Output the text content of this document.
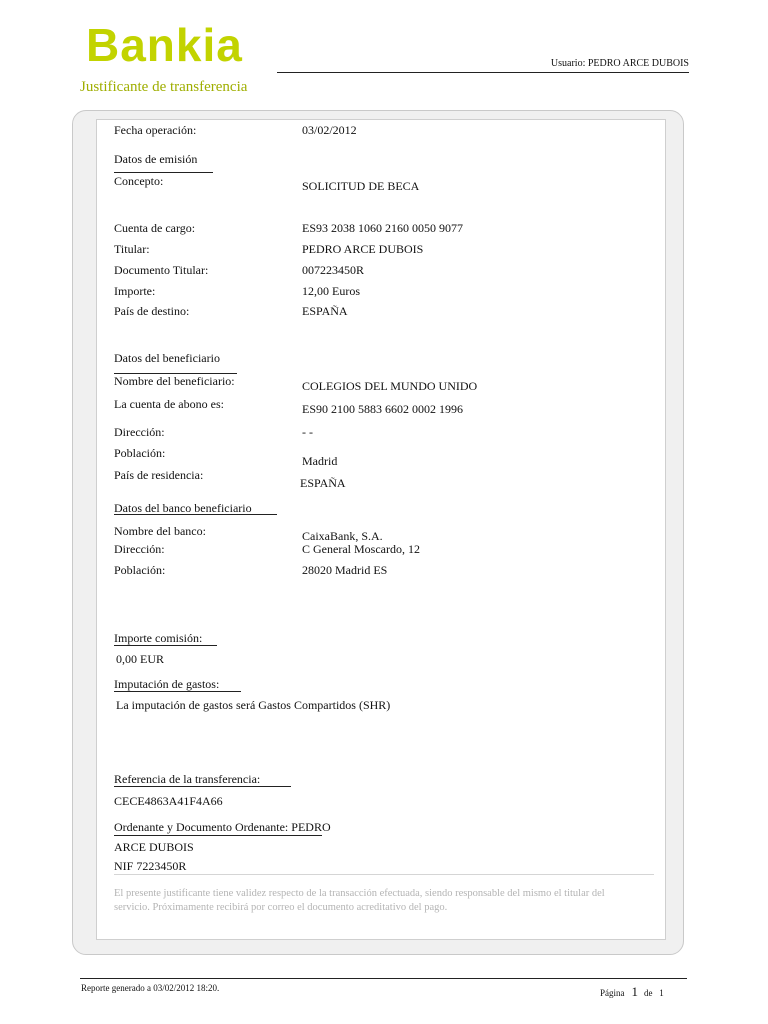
Bankia
Justificante de transferencia
Usuario: PEDRO ARCE DUBOIS
Fecha operación:	03/02/2012
Datos de emisión
Concepto:	SOLICITUD DE BECA
Cuenta de cargo:	ES93 2038 1060 2160 0050 9077
Titular:	PEDRO ARCE DUBOIS
Documento Titular:	007223450R
Importe:	12,00 Euros
País de destino:	ESPAÑA
Datos del beneficiario
Nombre del beneficiario:	COLEGIOS DEL MUNDO UNIDO
La cuenta de abono es:	ES90 2100 5883 6602 0002 1996
Dirección:	- -
Población:
Madrid
País de residencia:
ESPAÑA
Datos del banco beneficiario
Nombre del banco:	CaixaBank, S.A.
Dirección:	C General Moscardo, 12
Población:	28020 Madrid ES
Importe comisión:
0,00 EUR
Imputación de gastos:
La imputación de gastos será Gastos Compartidos (SHR)
Referencia de la transferencia:
CECE4863A41F4A66
Ordenante y Documento Ordenante: PEDRO
ARCE DUBOIS
NIF 7223450R
El presente justificante tiene validez respecto de la transacción efectuada, siendo responsable del mismo el titular del servicio. Próximamente recibirá por correo el documento acreditativo del pago.
Reporte generado a 03/02/2012 18:20.	Página 1 de 1
